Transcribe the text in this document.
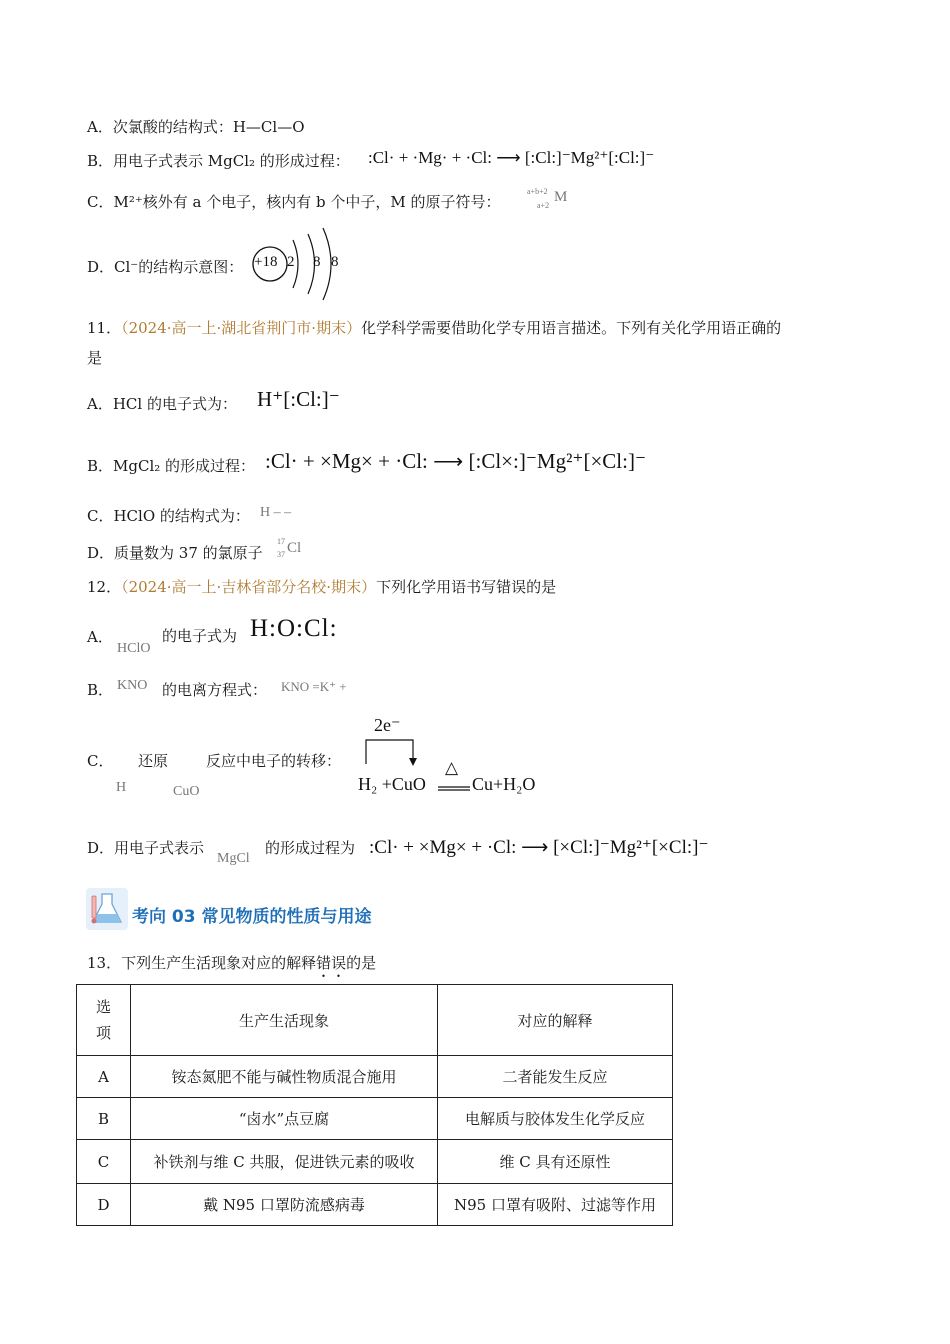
A．次氯酸的结构式：H—Cl—O
B．用电子式表示 MgCl₂ 的形成过程： :Cl· + ·Mg· + ·Cl: ⟶ [:Cl:]⁻Mg²⁺[:Cl:]⁻
C．M²⁺核外有 a 个电子，核内有 b 个中子，M 的原子符号：
a+b+2
a+2
M
D．Cl⁻的结构示意图： +18 2 8 8
11．（2024·高一上·湖北省荆门市·期末）化学科学需要借助化学专用语言描述。下列有关化学用语正确的
是
A．HCl 的电子式为： H⁺[:Cl:]⁻
B．MgCl₂ 的形成过程： :Cl· + ×Mg× + ·Cl: ⟶ [:Cl×:]⁻Mg²⁺[×Cl:]⁻
C．HClO 的结构式为： H – –
D．质量数为 37 的氯原子
17
37 Cl
12．（2024·高一上·吉林省部分名校·期末）下列化学用语书写错误的是
A．
HClO
的电子式为 H:O:Cl:
B． KNO 的电离方程式： KNO =K⁺ +
C． 还原	反应中电子的转移：
H	CuO
2e⁻
H₂ +CuO
△
Cu+H₂O
D．用电子式表示
MgCl
的形成过程为 :Cl· + ×Mg× + ·Cl: ⟶ [×Cl:]⁻Mg²⁺[×Cl:]⁻
考向 03 常见物质的性质与用途
13．下列生产生活现象对应的解释错误的是
选
项	生产生活现象	对应的解释
A	铵态氮肥不能与碱性物质混合施用	二者能发生反应
B	“卤水”点豆腐	电解质与胶体发生化学反应
C	补铁剂与维 C 共服，促进铁元素的吸收	维 C 具有还原性
D	戴 N95 口罩防流感病毒	N95 口罩有吸附、过滤等作用
